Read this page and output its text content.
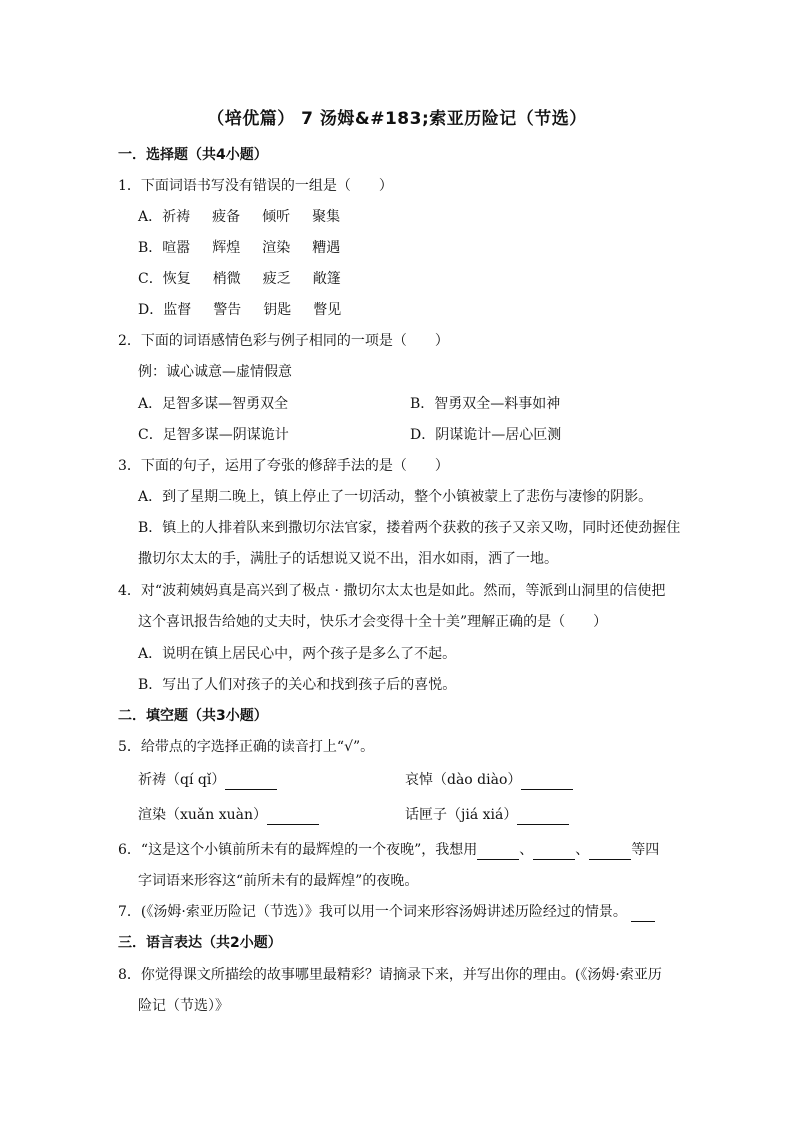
（培优篇） 7 汤姆&#183;索亚历险记（节选）
一．选择题（共4小题）
1．下面词语书写没有错误的一组是（　　）
A．祈祷 疲备 倾听 聚集
B．喧嚣 辉煌 渲染 糟遇
C．恢复 梢微 疲乏 敞篷
D．监督 警告 钥匙 瞥见
2．下面的词语感情色彩与例子相同的一项是（　　）
例：诚心诚意—虚情假意
A．足智多谋—智勇双全	B．智勇双全—料事如神
C．足智多谋—阴谋诡计	D．阴谋诡计—居心叵测
3．下面的句子，运用了夸张的修辞手法的是（　　）
A．到了星期二晚上，镇上停止了一切活动，整个小镇被蒙上了悲伤与凄惨的阴影。
B．镇上的人排着队来到撒切尔法官家，搂着两个获救的孩子又亲又吻，同时还使劲握住
撒切尔太太的手，满肚子的话想说又说不出，泪水如雨，洒了一地。
4．对“波莉姨妈真是高兴到了极点 · 撒切尔太太也是如此。然而，等派到山洞里的信使把
这个喜讯报告给她的丈夫时，快乐才会变得十全十美”理解正确的是（　　）
A．说明在镇上居民心中，两个孩子是多么了不起。
B．写出了人们对孩子的关心和找到孩子后的喜悦。
二．填空题（共3小题）
5．给带点的字选择正确的读音打上“√”。
祈祷（qí qǐ）	哀悼（dào diào）
渲染（xuǎn xuàn）	话匣子（jiá xiá）
6．“这是这个小镇前所未有的最辉煌的一个夜晚”，我想用	、	、	等四
字词语来形容这“前所未有的最辉煌”的夜晚。
7．(《汤姆·索亚历险记（节选）》我可以用一个词来形容汤姆讲述历险经过的情景。
三．语言表达（共2小题）
8．你觉得课文所描绘的故事哪里最精彩？请摘录下来，并写出你的理由。(《汤姆·索亚历
险记（节选）》
